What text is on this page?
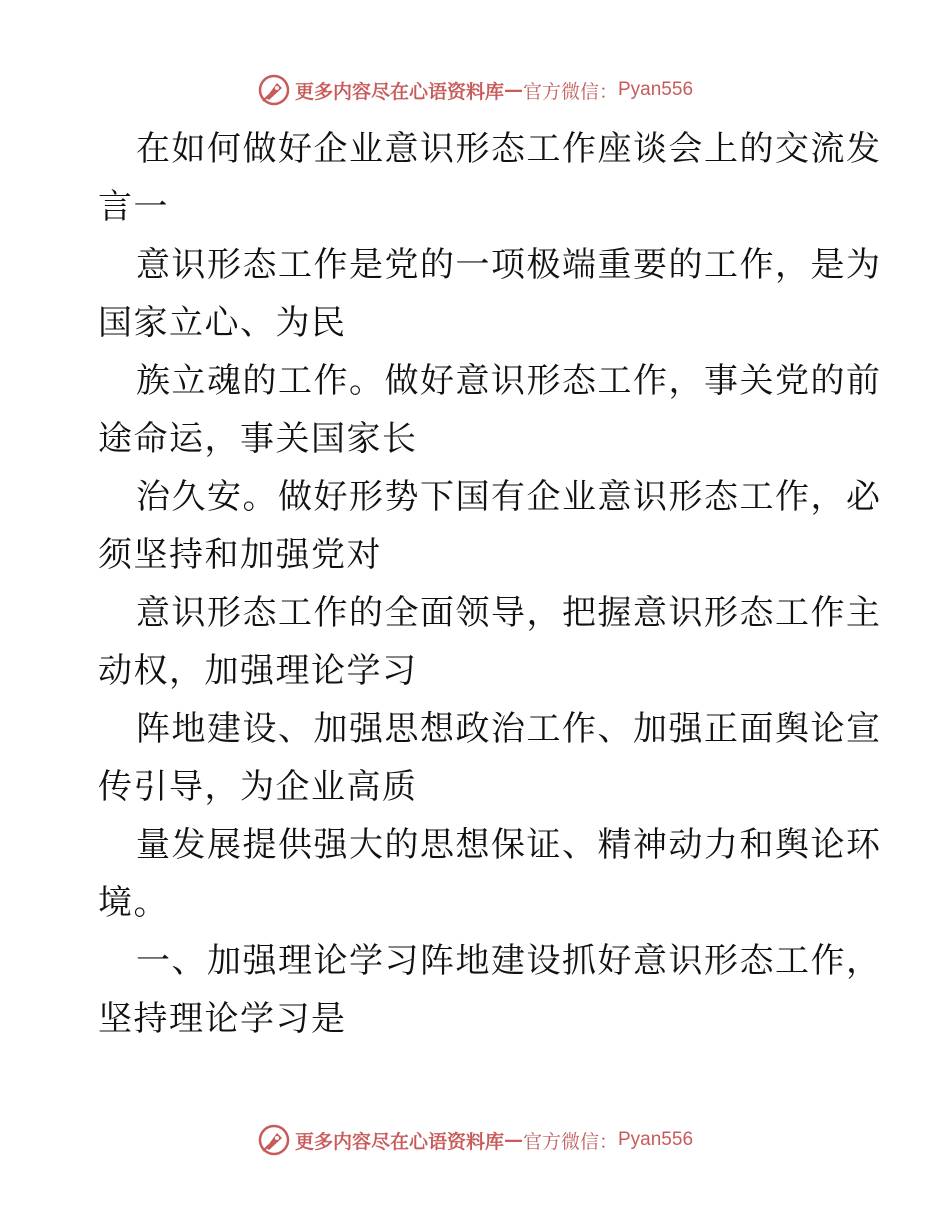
更多内容尽在心语资料库 — 官方微信： Pyan556
在如何做好企业意识形态工作座谈会上的交流发
言一
意识形态工作是党的一项极端重要的工作，是为
国家立心、为民
族立魂的工作。做好意识形态工作，事关党的前
途命运，事关国家长
治久安。做好形势下国有企业意识形态工作，必
须坚持和加强党对
意识形态工作的全面领导，把握意识形态工作主
动权，加强理论学习
阵地建设、加强思想政治工作、加强正面舆论宣
传引导，为企业高质
量发展提供强大的思想保证、精神动力和舆论环
境。
一、加强理论学习阵地建设抓好意识形态工作，
坚持理论学习是
更多内容尽在心语资料库 — 官方微信： Pyan556
